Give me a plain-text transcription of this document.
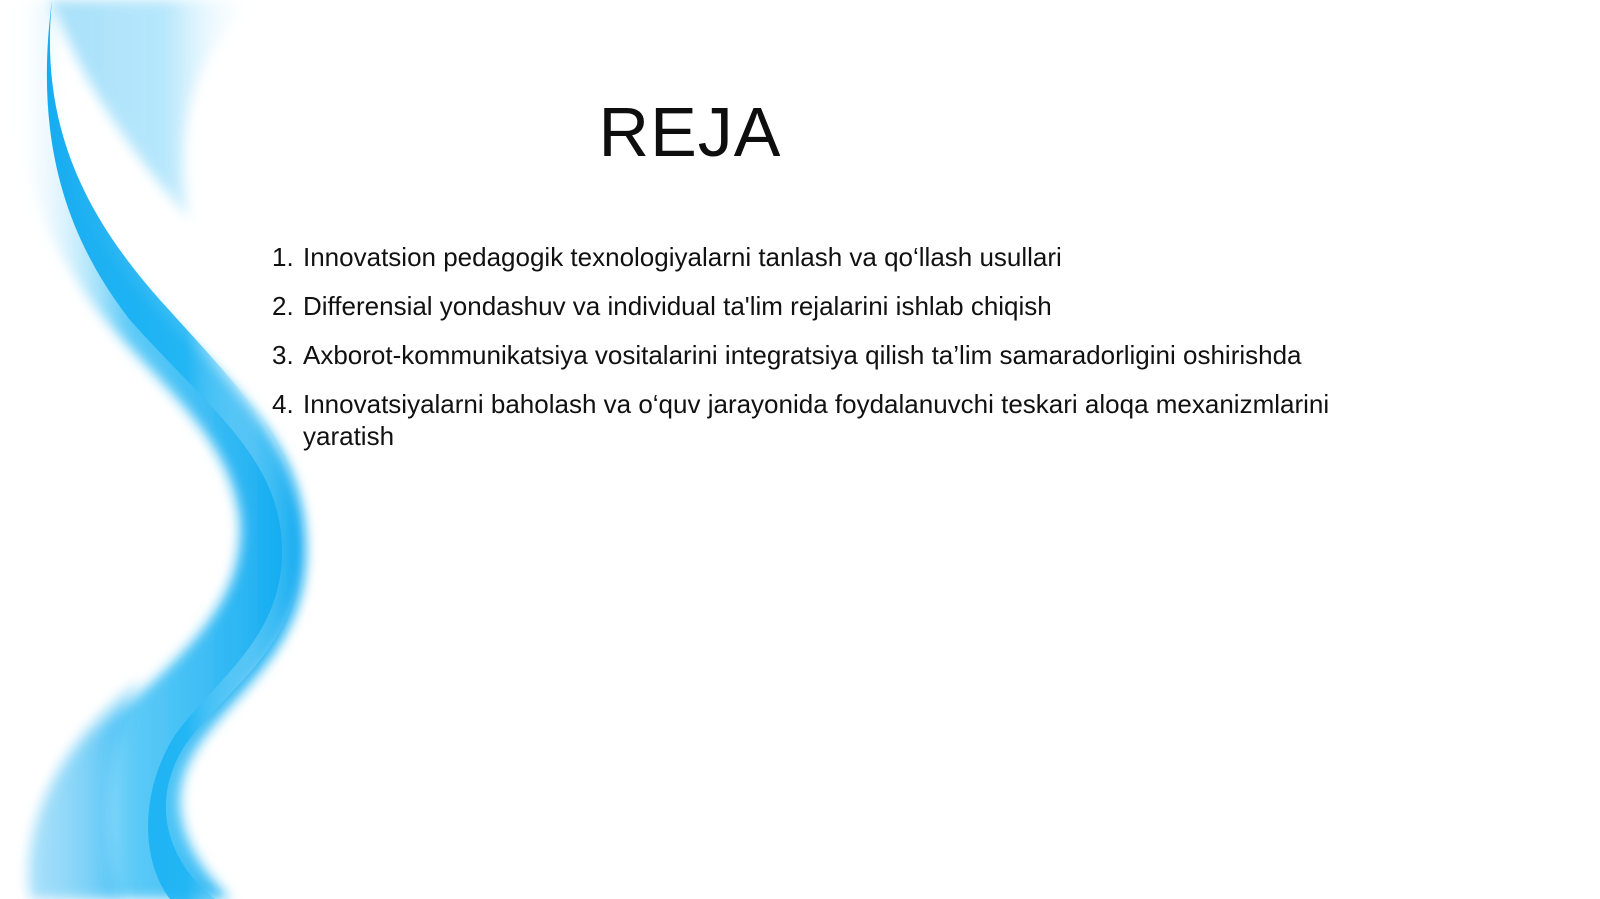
REJA
1. Innovatsion pedagogik texnologiyalarni tanlash va qo‘llash usullari
2. Differensial yondashuv va individual ta'lim rejalarini ishlab chiqish
3. Axborot-kommunikatsiya vositalarini integratsiya qilish ta’lim samaradorligini oshirishda
4. Innovatsiyalarni baholash va o‘quv jarayonida foydalanuvchi teskari aloqa mexanizmlarini yaratish
